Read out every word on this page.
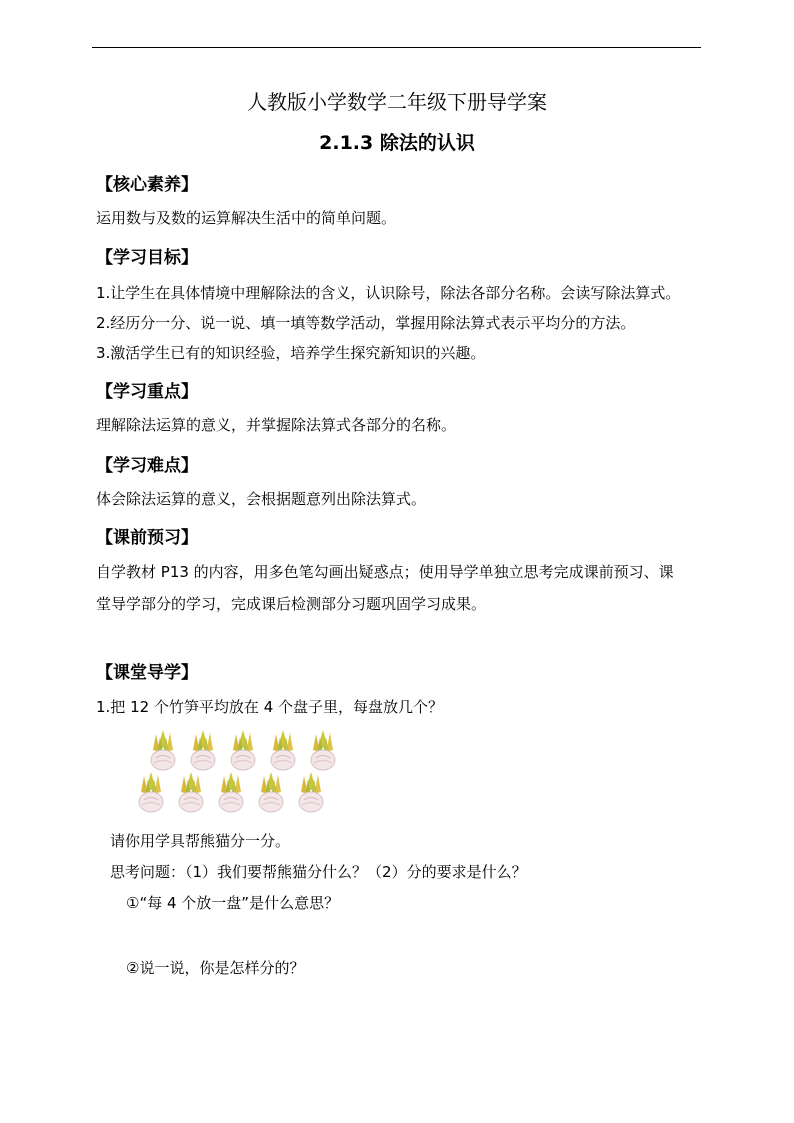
人教版小学数学二年级下册导学案
2.1.3 除法的认识
【核心素养】
运用数与及数的运算解决生活中的简单问题。
【学习目标】
1.让学生在具体情境中理解除法的含义，认识除号，除法各部分名称。会读写除法算式。
2.经历分一分、说一说、填一填等数学活动，掌握用除法算式表示平均分的方法。
3.激活学生已有的知识经验，培养学生探究新知识的兴趣。
【学习重点】
理解除法运算的意义，并掌握除法算式各部分的名称。
【学习难点】
体会除法运算的意义，会根据题意列出除法算式。
【课前预习】
自学教材 P13 的内容，用多色笔勾画出疑惑点；使用导学单独立思考完成课前预习、课
堂导学部分的学习，完成课后检测部分习题巩固学习成果。
【课堂导学】
1.把 12 个竹笋平均放在 4 个盘子里，每盘放几个？
请你用学具帮熊猫分一分。
思考问题：（1）我们要帮熊猫分什么？（2）分的要求是什么？
①“每 4 个放一盘”是什么意思？
②说一说，你是怎样分的？
